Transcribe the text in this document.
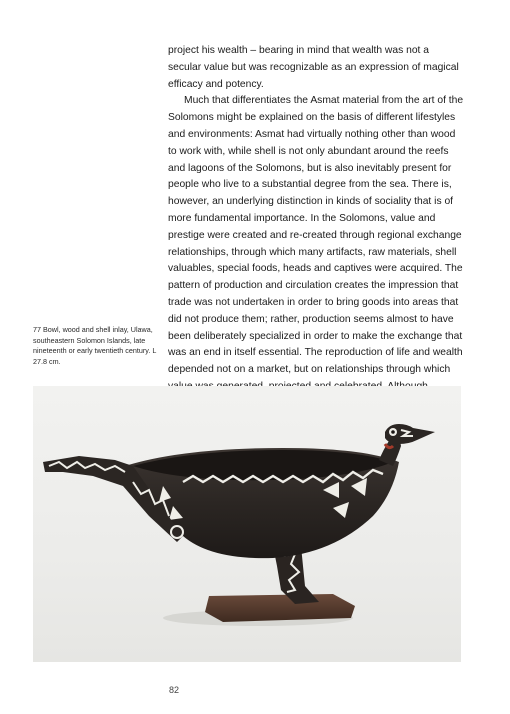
project his wealth – bearing in mind that wealth was not a secular value but was recognizable as an expression of magical efficacy and potency.

Much that differentiates the Asmat material from the art of the Solomons might be explained on the basis of different lifestyles and environments: Asmat had virtually nothing other than wood to work with, while shell is not only abundant around the reefs and lagoons of the Solomons, but is also inevitably present for people who live to a substantial degree from the sea. There is, however, an underlying distinction in kinds of sociality that is of more fundamental importance. In the Solomons, value and prestige were created and re-created through regional exchange relationships, through which many artifacts, raw materials, shell valuables, special foods, heads and captives were acquired. The pattern of production and circulation creates the impression that trade was not undertaken in order to bring goods into areas that did not produce them; rather, production seems almost to have been deliberately specialized in order to make the exchange that was an end in itself essential. The reproduction of life and wealth depended not on a market, but on relationships through which

77 Bowl, wood and shell inlay, Ulawa, southeastern Solomon Islands, late nineteenth or early twentieth century. L 27.8 cm.
82
